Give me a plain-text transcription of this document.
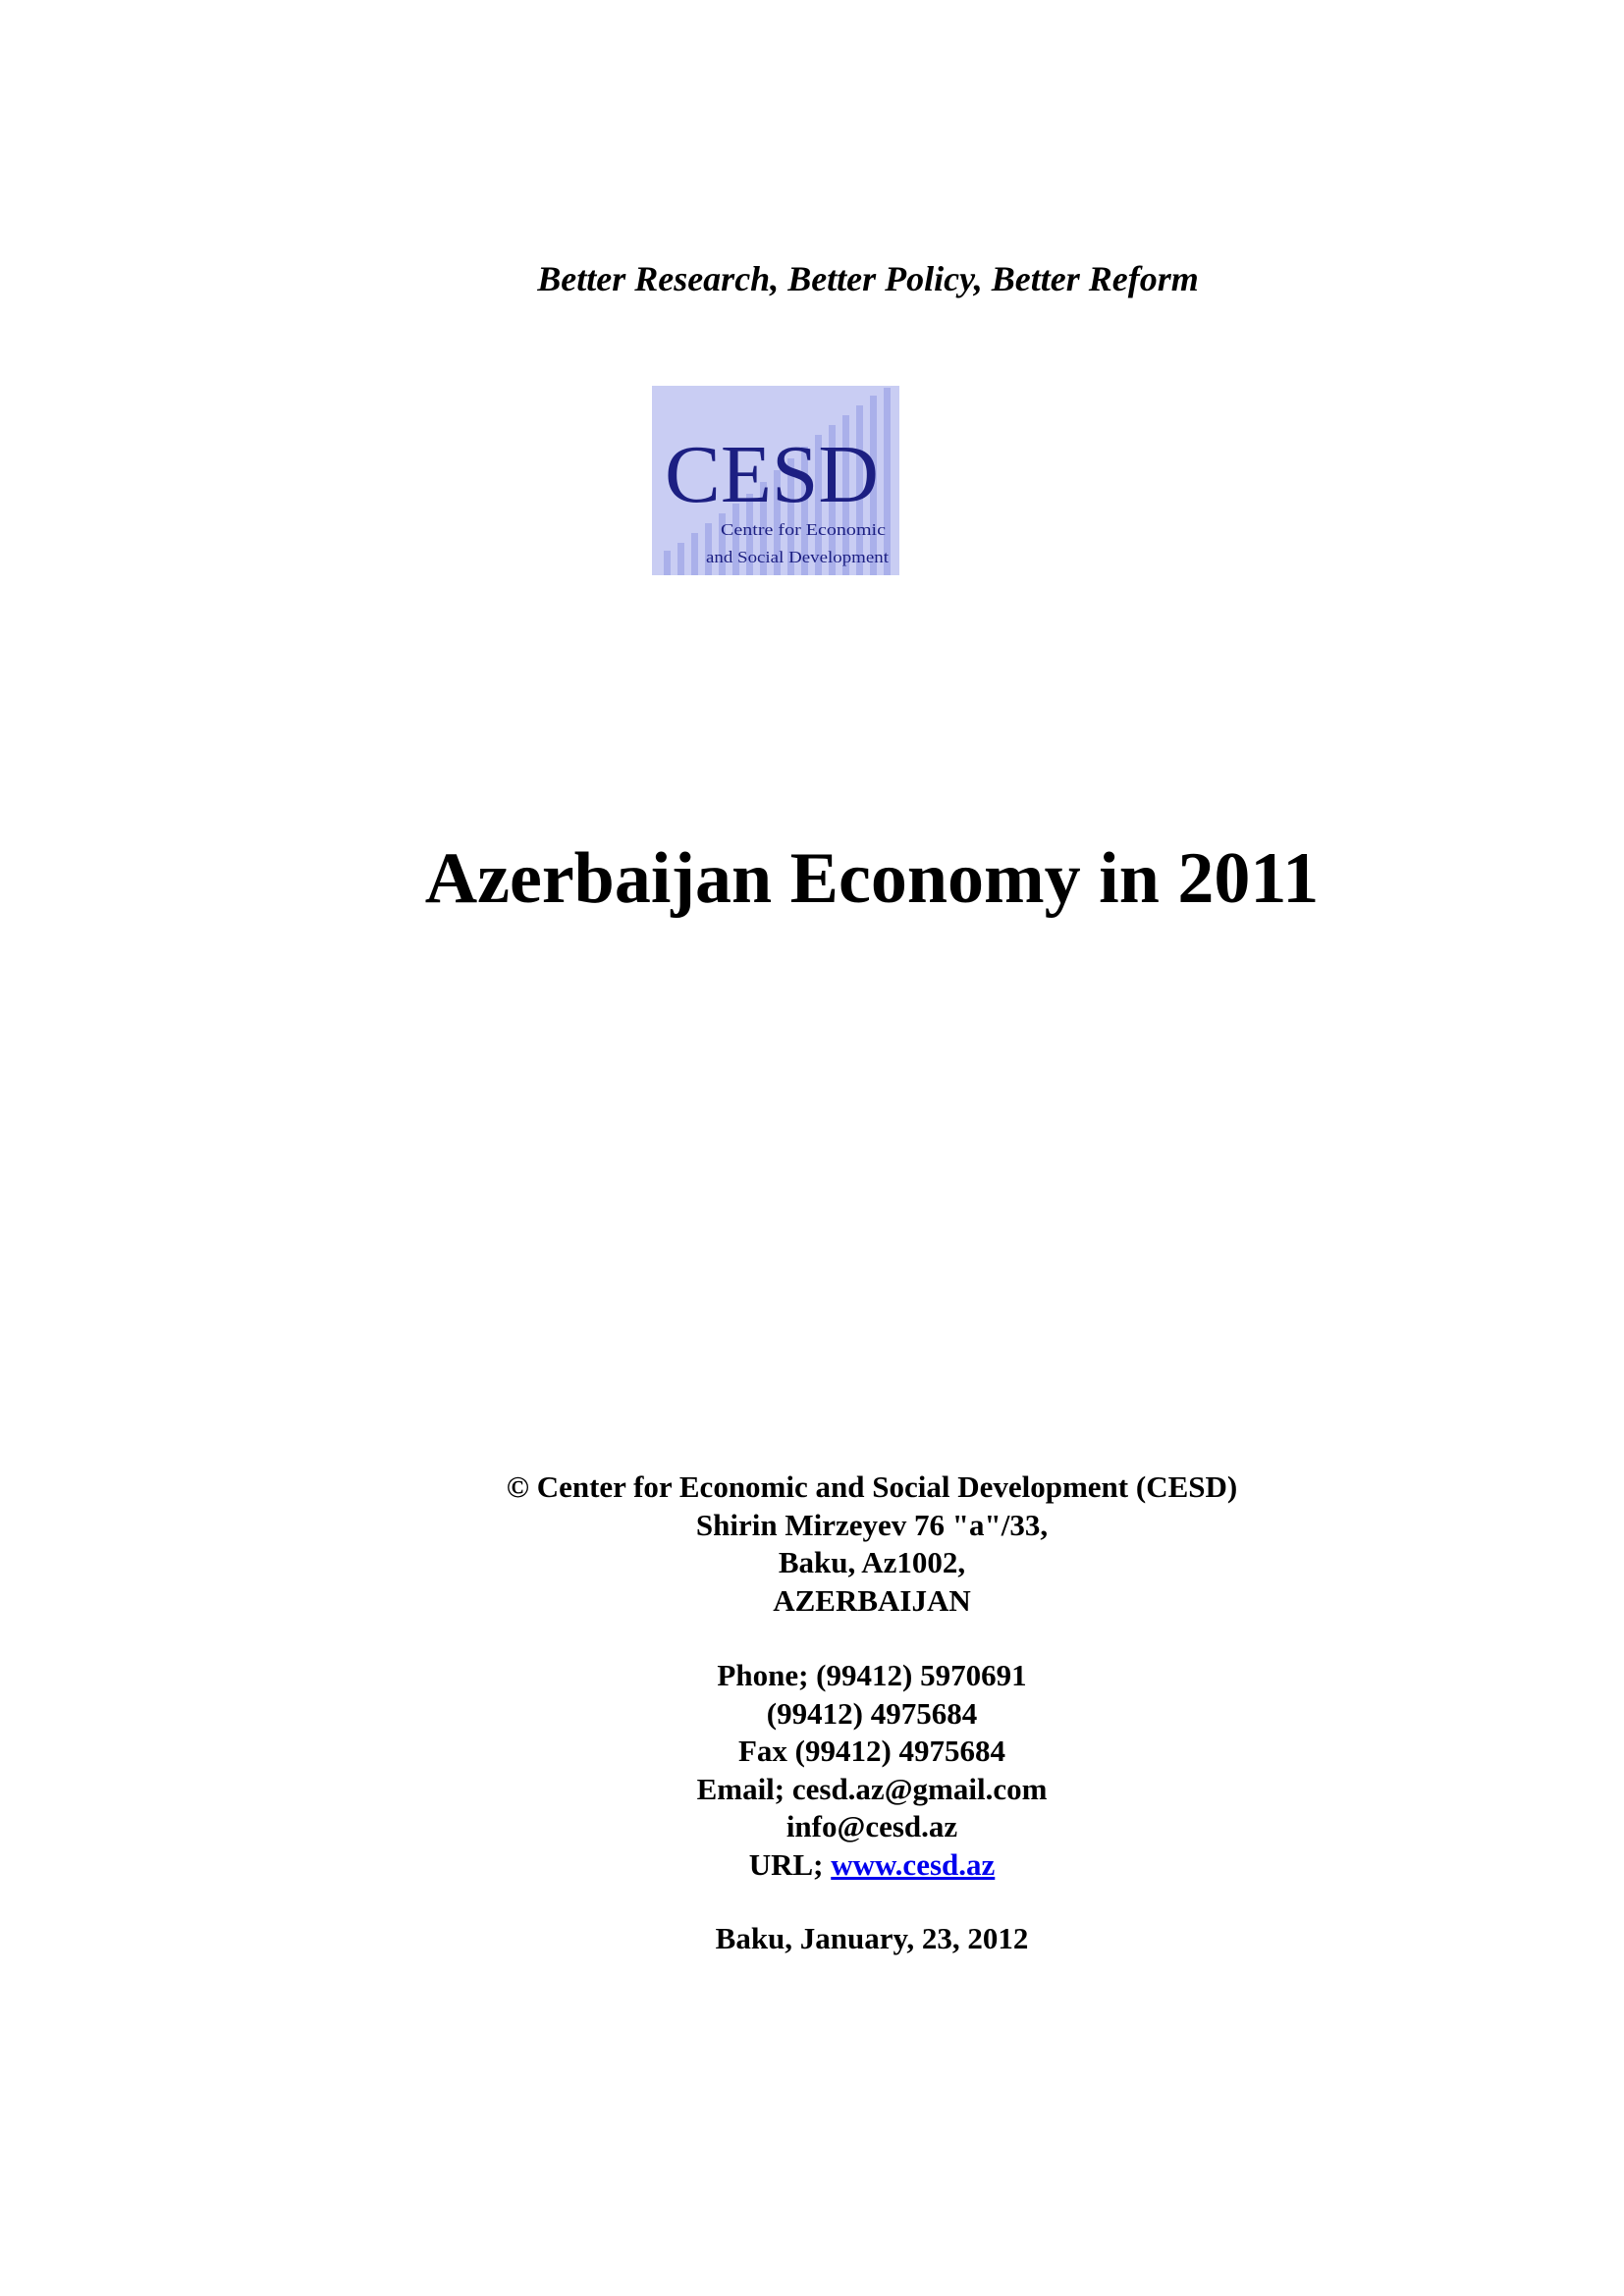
Better Research, Better Policy, Better Reform
CESD
Centre for Economic
and Social Development
Azerbaijan Economy in 2011
© Center for Economic and Social Development (CESD)
Shirin Mirzeyev 76 "a"/33,
Baku, Az1002,
AZERBAIJAN
Phone; (99412) 5970691
(99412) 4975684
Fax (99412) 4975684
Email; cesd.az@gmail.com
info@cesd.az
URL; www.cesd.az
Baku, January, 23, 2012
